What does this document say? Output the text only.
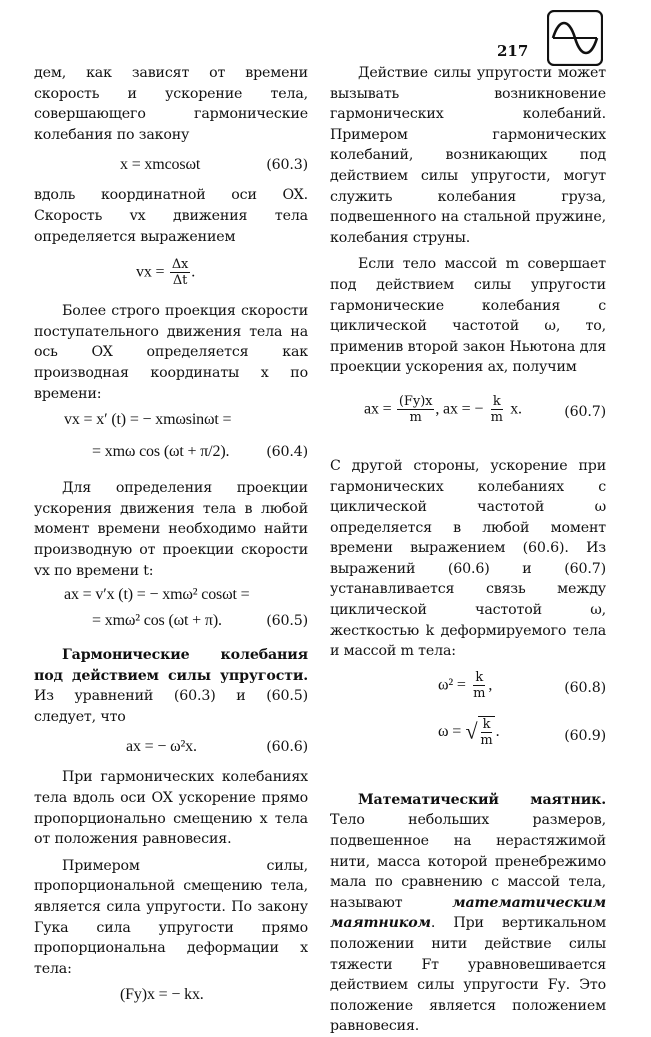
217

дем, как зависят от времени скорость и ускорение тела, совершающего гармонические колебания по закону

x = xmcosωt	(60.3)

вдоль координатной оси OX. Скорость vx движения тела определяется выражением

vx = $\frac{\Delta x}{\Delta t}$ .

Более строго проекция скорости поступательного движения тела на ось OX определяется как производная координаты x по времени:

vx = x′ (t) = − xmωsinωt =
= xmω cos (ωt + π/2).	(60.4)

Для определения проекции ускорения движения тела в любой момент времени необходимо найти производную от проекции скорости vx по времени t:

ax = v′x (t) = − xmω² cosωt =
= xmω² cos (ωt + π).	(60.5)

Гармонические колебания под действием силы упругости. Из уравнений (60.3) и (60.5) следует, что

ax = − ω²x.	(60.6)

При гармонических колебаниях тела вдоль оси OX ускорение прямо пропорционально смещению x тела от положения равновесия.

Примером силы, пропорциональной смещению тела, является сила упругости. По закону Гука сила упругости прямо пропорциональна деформации x тела:

(Fу)x = − kx.

Действие силы упругости может вызывать возникновение гармонических колебаний. Примером гармонических колебаний, возникающих под действием силы упругости, могут служить колебания груза, подвешенного на стальной пружине, колебания струны.

Если тело массой m совершает под действием силы упругости гармонические колебания с циклической частотой ω, то, применив второй закон Ньютона для проекции ускорения ax, получим

ax = $\frac{(Fу)x}{m}$ , ax = − $\frac{k}{m} x$.	(60.7)

С другой стороны, ускорение при гармонических колебаниях с циклической частотой ω определяется в любой момент времени выражением (60.6). Из выражений (60.6) и (60.7) устанавливается связь между циклической частотой ω, жесткостью k деформируемого тела и массой m тела:

$\omega^2 = \frac{k}{m}$ ,	(60.8)
ω = √ $\frac{k}{m}$ .	(60.9)

Математический маятник. Тело небольших размеров, подвешенное на нерастяжимой нити, масса которой пренебрежимо мала по сравнению с массой тела, называют математическим маятником. При вертикальном положении нити действие силы тяжести Fт уравновешивается действием силы упругости Fу. Это положение является положением равновесия.
